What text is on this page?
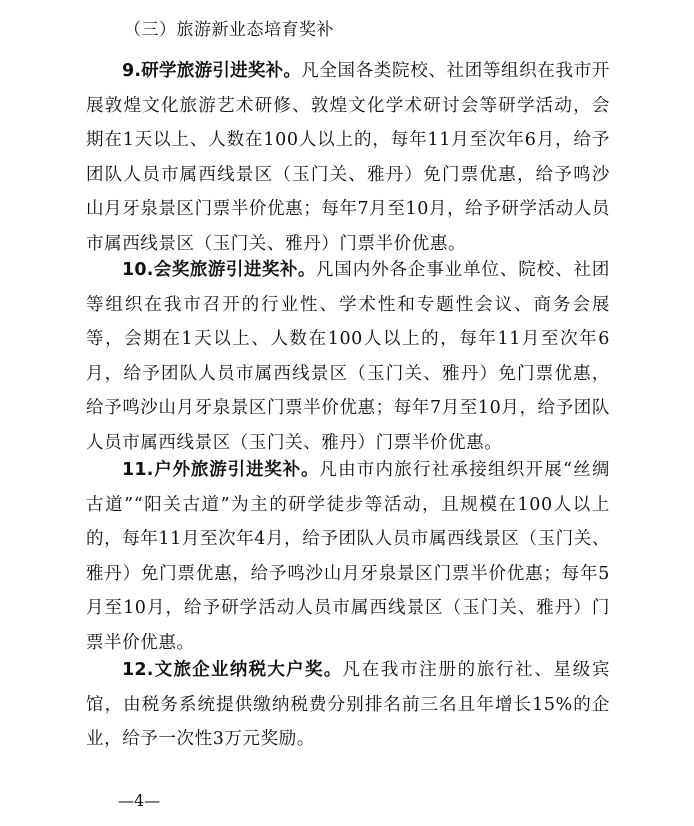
（三）旅游新业态培育奖补

9.研学旅游引进奖补。凡全国各类院校、社团等组织在我市开展敦煌文化旅游艺术研修、敦煌文化学术研讨会等研学活动，会期在1天以上、人数在100人以上的，每年11月至次年6月，给予团队人员市属西线景区（玉门关、雅丹）免门票优惠，给予鸣沙山月牙泉景区门票半价优惠；每年7月至10月，给予研学活动人员市属西线景区（玉门关、雅丹）门票半价优惠。

10.会奖旅游引进奖补。凡国内外各企事业单位、院校、社团等组织在我市召开的行业性、学术性和专题性会议、商务会展等，会期在1天以上、人数在100人以上的，每年11月至次年6月，给予团队人员市属西线景区（玉门关、雅丹）免门票优惠，给予鸣沙山月牙泉景区门票半价优惠；每年7月至10月，给予团队人员市属西线景区（玉门关、雅丹）门票半价优惠。

11.户外旅游引进奖补。凡由市内旅行社承接组织开展“丝绸古道”“阳关古道”为主的研学徒步等活动，且规模在100人以上的，每年11月至次年4月，给予团队人员市属西线景区（玉门关、雅丹）免门票优惠，给予鸣沙山月牙泉景区门票半价优惠；每年5月至10月，给予研学活动人员市属西线景区（玉门关、雅丹）门票半价优惠。

12.文旅企业纳税大户奖。凡在我市注册的旅行社、星级宾馆，由税务系统提供缴纳税费分别排名前三名且年增长15%的企业，给予一次性3万元奖励。

—4—
